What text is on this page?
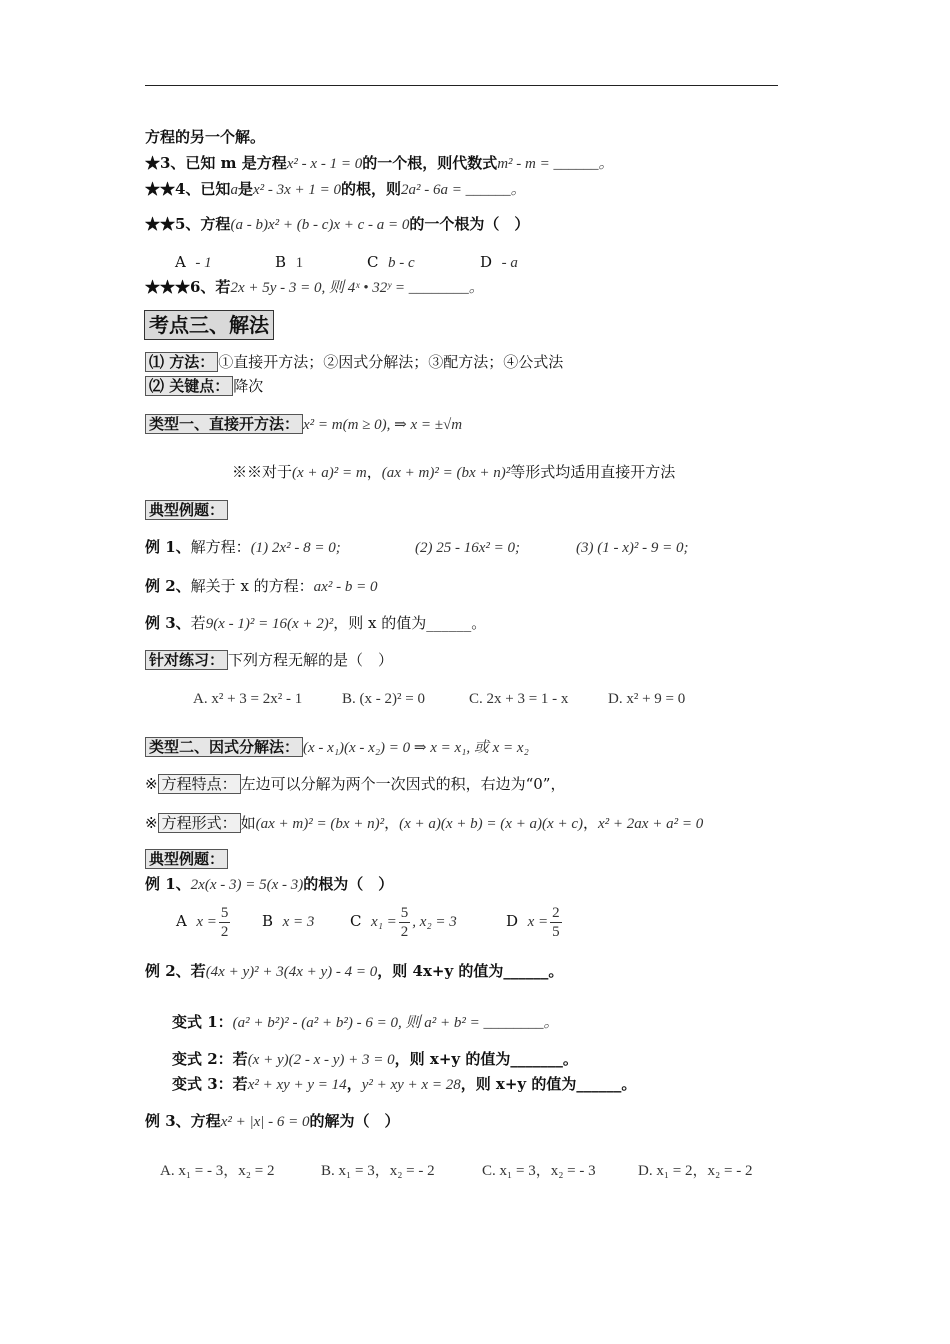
方程的另一个解。
★3、已知 m 是方程x² - x - 1 = 0的一个根，则代数式m² - m = ______。
★★4、已知a是x² - 3x + 1 = 0的根，则2a² - 6a = ______。
★★5、方程(a - b)x² + (b - c)x + c - a = 0的一个根为（　）
A - 1	B 1	C b - c	D - a
★★★6、若2x + 5y - 3 = 0, 则 4ˣ • 32ʸ = ________。
考点三、解法
⑴ 方法： ①直接开方法；②因式分解法；③配方法；④公式法
⑵ 关键点： 降次
类型一、直接开方法： x² = m(m ≥ 0), ⇒ x = ±√m
※※对于(x + a)² = m，(ax + m)² = (bx + n)²等形式均适用直接开方法
典型例题：
例 1、解方程：(1) 2x² - 8 = 0;	(2) 25 - 16x² = 0;	(3) (1 - x)² - 9 = 0;
例 2、解关于 x 的方程：ax² - b = 0
例 3、若9(x - 1)² = 16(x + 2)²，则 x 的值为______。
针对练习： 下列方程无解的是（　）
A. x² + 3 = 2x² - 1	B. (x - 2)² = 0	C. 2x + 3 = 1 - x	D. x² + 9 = 0
类型二、因式分解法： (x - x₁)(x - x₂) = 0 ⇒ x = x₁, 或 x = x₂
※ 方程特点： 左边可以分解为两个一次因式的积，右边为“0”，
※ 方程形式： 如(ax + m)² = (bx + n)²，(x + a)(x + b) = (x + a)(x + c)，x² + 2ax + a² = 0
典型例题：
例 1、2x(x - 3) = 5(x - 3)的根为（　）
A $x = \frac{5}{2}$ B x = 3 C $x_1 = \frac{5}{2}$ , x₂ = 3	D $x = \frac{2}{5}$
例 2、若(4x + y)² + 3(4x + y) - 4 = 0，则 4x+y 的值为______。
变式 1：(a² + b²)² - (a² + b²) - 6 = 0, 则 a² + b² = ________。
变式 2：若(x + y)(2 - x - y) + 3 = 0，则 x+y 的值为_______。
变式 3：若x² + xy + y = 14，y² + xy + x = 28，则 x+y 的值为______。
例 3、方程x² + |x| - 6 = 0的解为（　）
A. x₁ = - 3，x₂ = 2	B. x₁ = 3，x₂ = - 2	C. x₁ = 3，x₂ = - 3	D. x₁ = 2，x₂ = - 2
